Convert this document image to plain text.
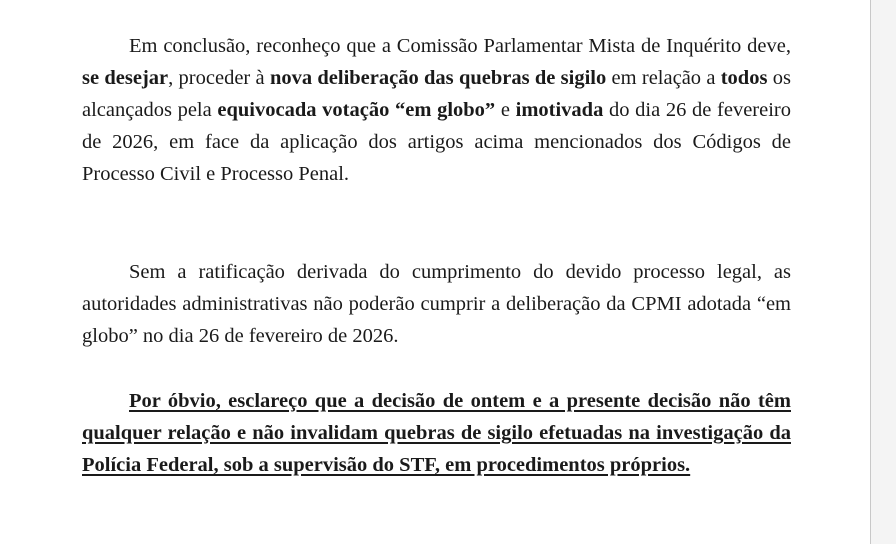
Em conclusão, reconheço que a Comissão Parlamentar Mista de Inquérito deve, se desejar, proceder à nova deliberação das quebras de sigilo em relação a todos os alcançados pela equivocada votação “em globo” e imotivada do dia 26 de fevereiro de 2026, em face da aplicação dos artigos acima mencionados dos Códigos de Processo Civil e Processo Penal.

Sem a ratificação derivada do cumprimento do devido processo legal, as autoridades administrativas não poderão cumprir a deliberação da CPMI adotada “em globo” no dia 26 de fevereiro de 2026.

Por óbvio, esclareço que a decisão de ontem e a presente decisão não têm qualquer relação e não invalidam quebras de sigilo efetuadas na investigação da Polícia Federal, sob a supervisão do STF, em procedimentos próprios.
